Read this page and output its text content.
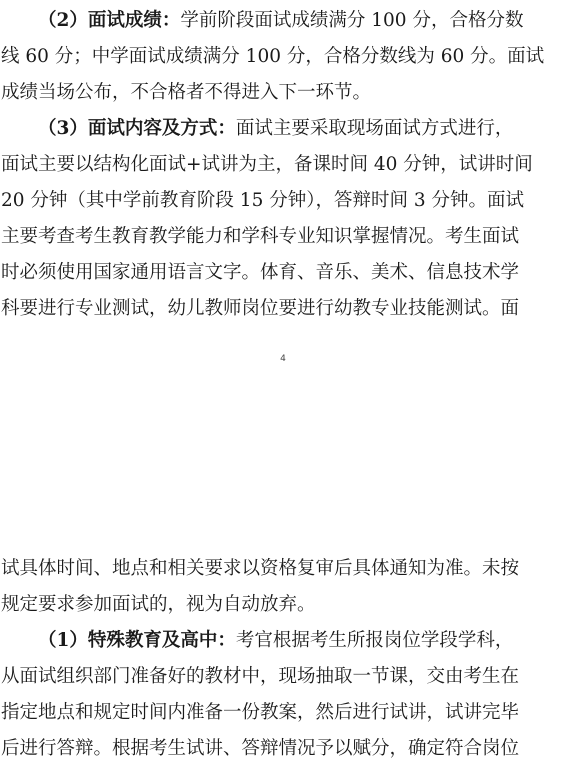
（2）面试成绩：学前阶段面试成绩满分 100 分，合格分数
线 60 分；中学面试成绩满分 100 分，合格分数线为 60 分。面试
成绩当场公布，不合格者不得进入下一环节。
（3）面试内容及方式：面试主要采取现场面试方式进行，
面试主要以结构化面试+试讲为主，备课时间 40 分钟，试讲时间
20 分钟（其中学前教育阶段 15 分钟），答辩时间 3 分钟。面试
主要考查考生教育教学能力和学科专业知识掌握情况。考生面试
时必须使用国家通用语言文字。体育、音乐、美术、信息技术学
科要进行专业测试，幼儿教师岗位要进行幼教专业技能测试。面
4
试具体时间、地点和相关要求以资格复审后具体通知为准。未按
规定要求参加面试的，视为自动放弃。
（1）特殊教育及高中：考官根据考生所报岗位学段学科，
从面试组织部门准备好的教材中，现场抽取一节课，交由考生在
指定地点和规定时间内准备一份教案，然后进行试讲，试讲完毕
后进行答辩。根据考生试讲、答辩情况予以赋分，确定符合岗位
